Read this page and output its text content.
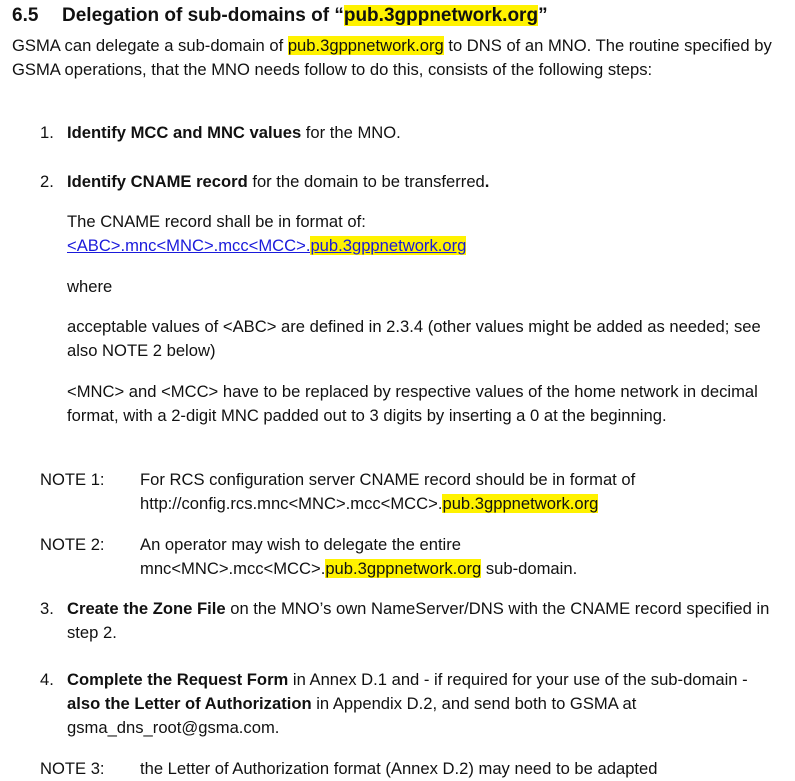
6.5 Delegation of sub-domains of “pub.3gppnetwork.org”
GSMA can delegate a sub-domain of pub.3gppnetwork.org to DNS of an MNO. The routine specified by GSMA operations, that the MNO needs follow to do this, consists of the following steps:
1. Identify MCC and MNC values for the MNO.
2. Identify CNAME record for the domain to be transferred.
The CNAME record shall be in format of:
<ABC>.mnc<MNC>.mcc<MCC>.pub.3gppnetwork.org
where
acceptable values of <ABC> are defined in 2.3.4 (other values might be added as needed; see also NOTE 2 below)
<MNC> and <MCC> have to be replaced by respective values of the home network in decimal format, with a 2-digit MNC padded out to 3 digits by inserting a 0 at the beginning.
NOTE 1:	For RCS configuration server CNAME record should be in format of http://config.rcs.mnc<MNC>.mcc<MCC>.pub.3gppnetwork.org
NOTE 2:	An operator may wish to delegate the entire mnc<MNC>.mcc<MCC>.pub.3gppnetwork.org sub-domain.
3. Create the Zone File on the MNO’s own NameServer/DNS with the CNAME record specified in step 2.
4. Complete the Request Form in Annex D.1 and - if required for your use of the sub-domain - also the Letter of Authorization in Appendix D.2, and send both to GSMA at gsma_dns_root@gsma.com.
NOTE 3:	the Letter of Authorization format (Annex D.2) may need to be adapted
